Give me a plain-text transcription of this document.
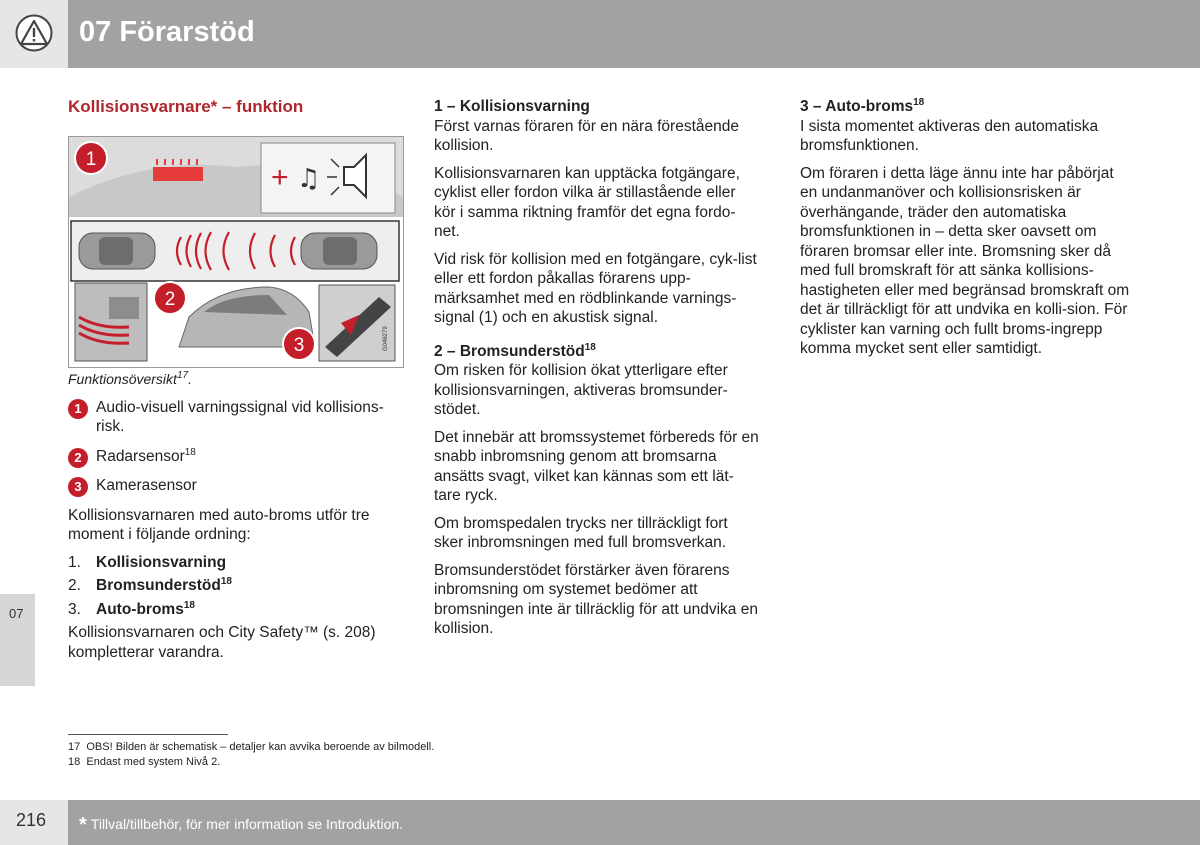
07 Förarstöd
07
Kollisionsvarnare* – funktion
+ ♫
G046279
1
2
3

Funktionsöversikt$^{17}$.

1 Audio-visuell varningssignal vid kollisions-risk.
2 Radarsensor$^{18}$
3 Kamerasensor

Kollisionsvarnaren med auto-broms utför tre moment i följande ordning:

1. Kollisionsvarning
2. Bromsunderstöd$^{18}$
3. Auto-broms$^{18}$

Kollisionsvarnaren och City Safety™ (s. 208) kompletterar varandra.

1 – Kollisionsvarning

Först varnas föraren för en nära förestående kollision.

Kollisionsvarnaren kan upptäcka fotgängare, cyklist eller fordon vilka är stillastående eller kör i samma riktning framför det egna fordo-net.

Vid risk för kollision med en fotgängare, cyk-list eller ett fordon påkallas förarens upp-märksamhet med en rödblinkande varnings-signal (1) och en akustisk signal.

2 – Bromsunderstöd$^{18}$

Om risken för kollision ökat ytterligare efter kollisionsvarningen, aktiveras bromsunder-stödet.

Det innebär att bromssystemet förbereds för en snabb inbromsning genom att bromsarna ansätts svagt, vilket kan kännas som ett lät-tare ryck.

Om bromspedalen trycks ner tillräckligt fort sker inbromsningen med full bromsverkan.

Bromsunderstödet förstärker även förarens inbromsning om systemet bedömer att bromsningen inte är tillräcklig för att undvika en kollision.

3 – Auto-broms$^{18}$

I sista momentet aktiveras den automatiska bromsfunktionen.

Om föraren i detta läge ännu inte har påbörjat en undanmanöver och kollisionsrisken är överhängande, träder den automatiska bromsfunktionen in – detta sker oavsett om föraren bromsar eller inte. Bromsning sker då med full bromskraft för att sänka kollisions-hastigheten eller med begränsad bromskraft om det är tillräckligt för att undvika en kolli-sion. För cyklister kan varning och fullt broms-ingrepp komma mycket sent eller samtidigt.

17 OBS! Bilden är schematisk – detaljer kan avvika beroende av bilmodell.
18 Endast med system Nivå 2.
216 * Tillval/tillbehör, för mer information se Introduktion.
